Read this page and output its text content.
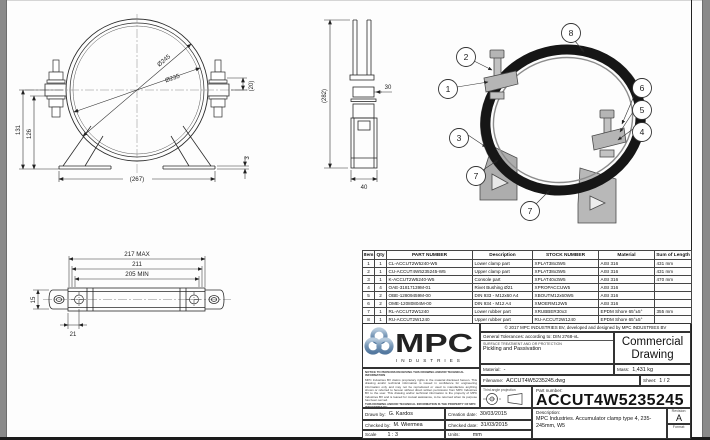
Ø245
Ø235
(20)
131 126
3
(267)
(282)
30
40
1
2
3
4
5
6
7
7
8
217 MAX
211
205 MIN
15
21
Item	Qty	PART NUMBER	Description	STOCK NUMBER	Material	Sum of Length
1	1	CL-ACCUT2W5240-W5	Lower clamp part	XPLAT38x3W5	AISI 316	431 mm
2	1	CU-ACCUT4W5235245-W5	Upper clamp part	XPLAT38x3W5	AISI 316	431 mm
3	1	K-ACCUT2W5240-W5	Console part	XPLAT40x3W5	AISI 316	470 mm
4	4	OAE-31817139M-01	Rivet Bushing Ø21	XPROPACCUW5	AISI 316	
5	2	OBE-12809459M-00	DIN 933 - M12x60 A4	XBOUTM12x60W5	AISI 316	
6	2	OME-12080804M-00	DIN 934 - M12 A4	XMOERM12W5	AISI 316	
7	1	RL-ACCUT2W1240	Lower rubber part	XRUBBER30x3	EPDM Shore 65°±5°	355 mm
8	1	RU-ACCUT2W1240	Upper rubber part	RU-ACCUT2W1240	EPDM Shore 65°±5°	
MPC
INDUSTRIES
© 2017 MPC INDUSTRIES BV, developed and designed by MPC INDUSTRIES BV
General Tolerances: according to: DIN 2768-vL
SURFACE TREATMENT AND OR PROTECTION
Pickling and Passivation
Commercial
Drawing
Material: -	Mass: 1,431 kg
Filename: ACCUT4W5235245.dwg	Sheet: 1 / 2
NOTICE TO PERSONS RECEIVING THIS DRAWING AND/OR TECHNICAL INFORMATION
MPC Industries BV claims proprietary rights in the material disclosed hereon. This drawing and/or technical information is issued in confidence for engineering information only and may not be reproduced or used to manufacture anything shown or referred to hereon without direct written permission from MPC Industries BV to the user. This drawing and/or technical information is the property of MPC Industries BV and is loaned for mutual assistance, to be returned when its purpose has been served.
THIS DRAWING AND/OR TECHNICAL INFORMATION IS THE PROPERTY OF MPC INDUSTRIES BV.
Third angle projection	Part number:
ACCUT4W5235245
Drawn by: G. Kardos	Creation date: 30/03/2015
Checked by: M. Wiermea	Checked date: 31/03/2015
Scale 1 : 3	Units: mm
Description:
MPC Industries. Accumulator clamp type 4, 235-245mm, W5
Revision:
A
Format:
